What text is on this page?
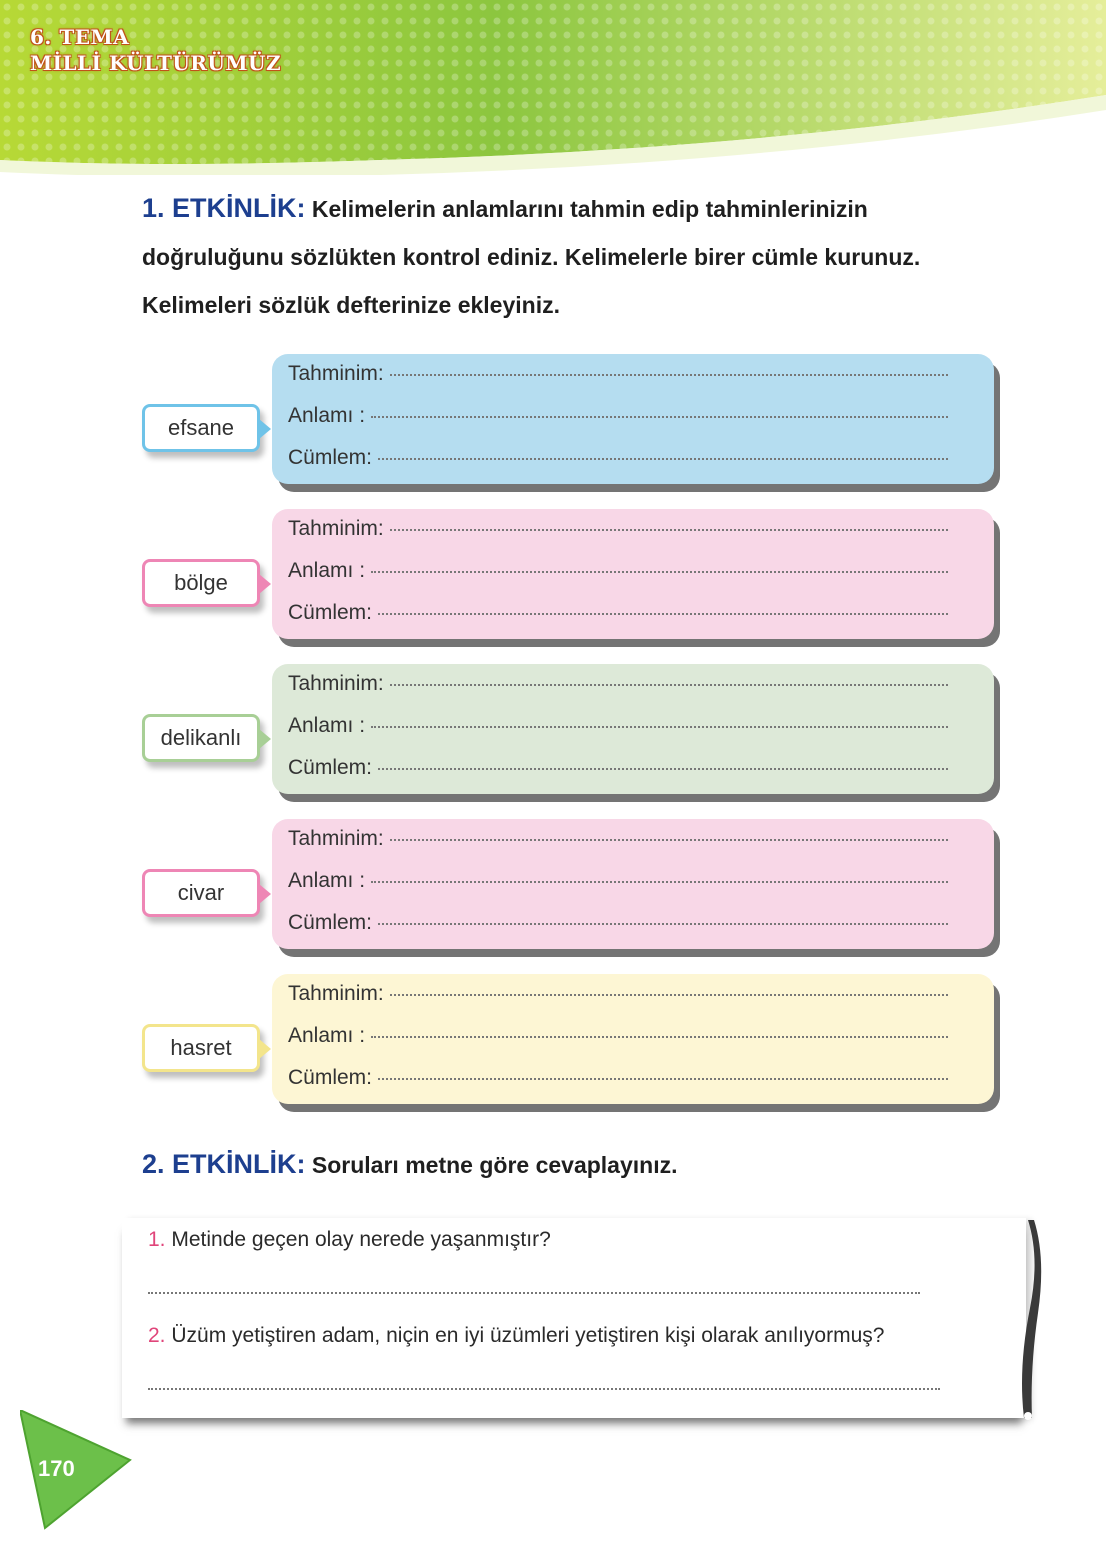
6. TEMA
MİLLİ KÜLTÜRÜMÜZ
1. ETKİNLİK: Kelimelerin anlamlarını tahmin edip tahminlerinizin doğruluğunu sözlükten kontrol ediniz. Kelimelerle birer cümle kurunuz. Kelimeleri sözlük defterinize ekleyiniz.
efsane
Tahminim:
Anlamı :
Cümlem:
bölge
Tahminim:
Anlamı :
Cümlem:
delikanlı
Tahminim:
Anlamı :
Cümlem:
civar
Tahminim:
Anlamı :
Cümlem:
hasret
Tahminim:
Anlamı :
Cümlem:
2. ETKİNLİK: Soruları metne göre cevaplayınız.
1. Metinde geçen olay nerede yaşanmıştır?
2. Üzüm yetiştiren adam, niçin en iyi üzümleri yetiştiren kişi olarak anılıyormuş?
170
